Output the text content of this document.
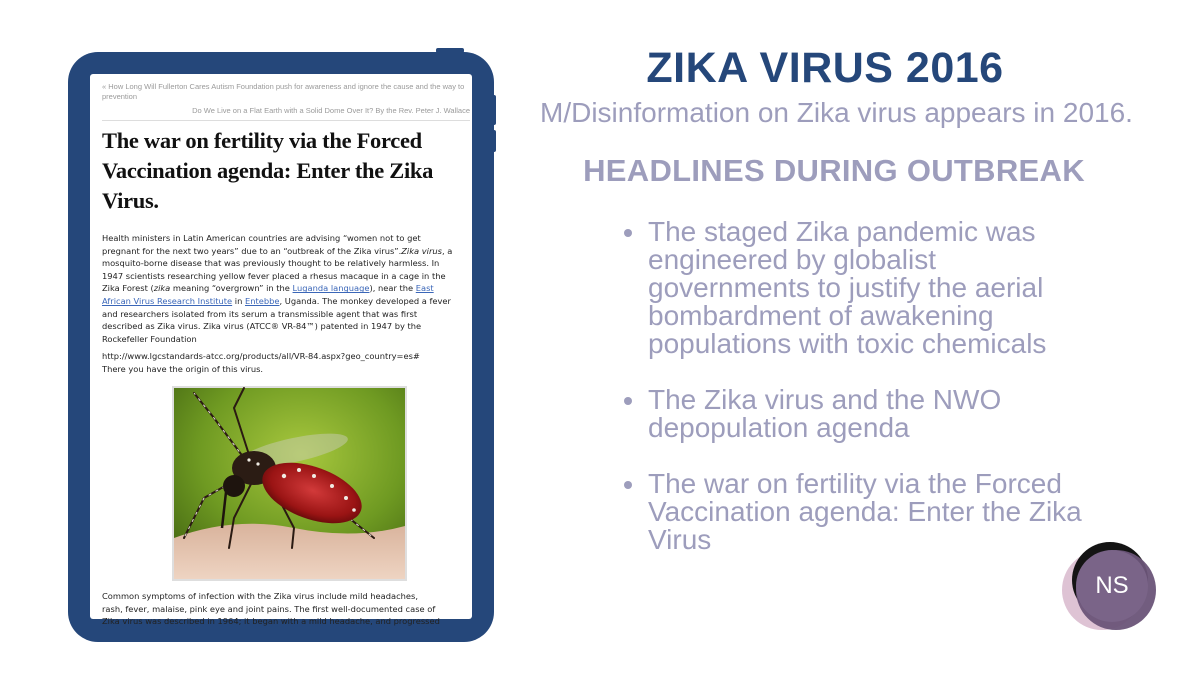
« How Long Will Fullerton Cares Autism Foundation push for awareness and ignore the cause and the way to prevention
Do We Live on a Flat Earth with a Solid Dome Over It? By the Rev. Peter J. Wallace
The war on fertility via the Forced Vaccination agenda: Enter the Zika Virus.
Health ministers in Latin American countries are advising “women not to get
pregnant for the next two years” due to an “outbreak of the Zika virus”.Zika virus, a
mosquito-borne disease that was previously thought to be relatively harmless. In
1947 scientists researching yellow fever placed a rhesus macaque in a cage in the
Zika Forest (zika meaning “overgrown” in the Luganda language), near the East
African Virus Research Institute in Entebbe, Uganda. The monkey developed a fever
and researchers isolated from its serum a transmissible agent that was first
described as Zika virus. Zika virus (ATCC® VR-84™) patented in 1947 by the
Rockefeller Foundation
http://www.lgcstandards-atcc.org/products/all/VR-84.aspx?geo_country=es#
There you have the origin of this virus.
Common symptoms of infection with the Zika virus include mild headaches,
rash, fever, malaise, pink eye and joint pains. The first well-documented case of
Zika virus was described in 1964; it began with a mild headache, and progressed
ZIKA VIRUS 2016
M/Disinformation on Zika virus appears in 2016.
HEADLINES DURING OUTBREAK
The staged Zika pandemic was engineered by globalist governments to justify the aerial bombardment of awakening populations with toxic chemicals
The Zika virus and the NWO depopulation agenda
The war on fertility via the Forced Vaccination agenda: Enter the Zika Virus
NS
